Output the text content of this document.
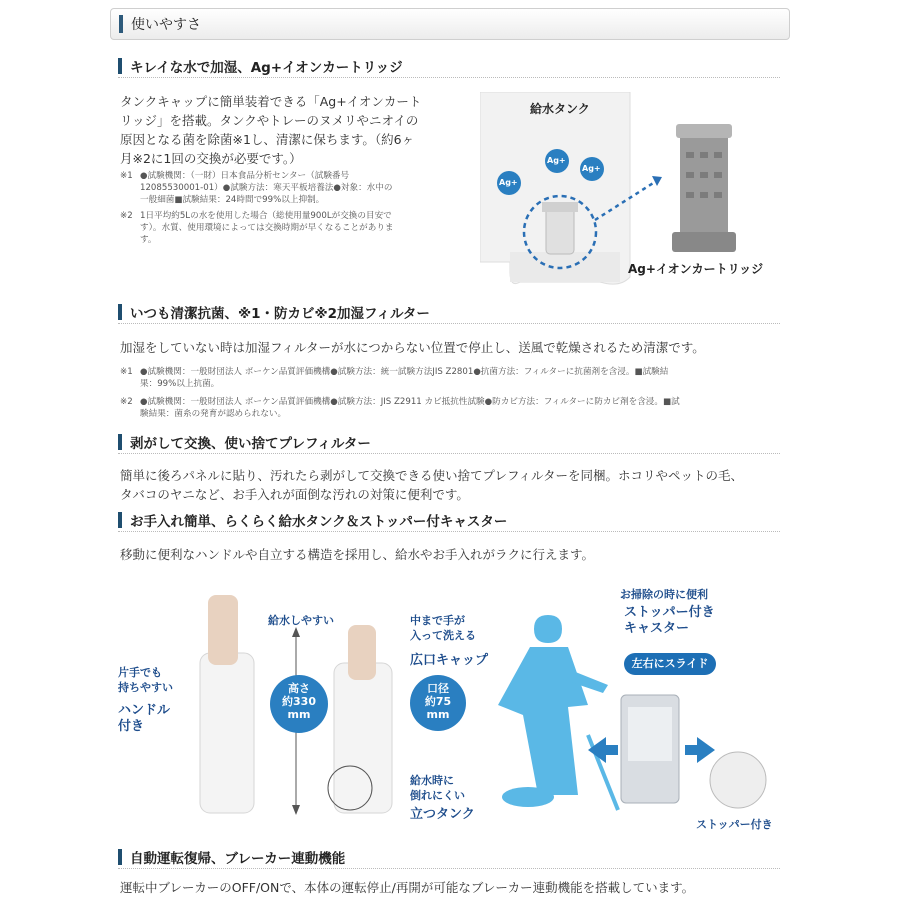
使いやすさ
キレイな水で加湿、Ag+イオンカートリッジ
タンクキャップに簡単装着できる「Ag+イオンカート
リッジ」を搭載。タンクやトレーのヌメリやニオイの
原因となる菌を除菌※1し、清潔に保ちます。（約6ヶ
月※2に1回の交換が必要です。）
※1 ●試験機関：（一財）日本食品分析センター（試験番号
12085530001-01）●試験方法：寒天平板培養法●対象：水中の
一般細菌■試験結果：24時間で99%以上抑制。
※2 1日平均約5Lの水を使用した場合（総使用量900Lが交換の目安で
す）。水質、使用環境によっては交換時期が早くなることがありま
す。
給水タンク
Ag+イオンカートリッジ
Ag+
Ag+
Ag+
いつも清潔抗菌、※1・防カビ※2加湿フィルター
加湿をしていない時は加湿フィルターが水につからない位置で停止し、送風で乾燥されるため清潔です。
※1 ●試験機関：一般財団法人 ボーケン品質評価機構●試験方法：統一試験方法JIS Z2801●抗菌方法：フィルターに抗菌剤を含浸。■試験結
果：99%以上抗菌。
※2 ●試験機関：一般財団法人 ボーケン品質評価機構●試験方法：JIS Z2911 カビ抵抗性試験●防カビ方法：フィルターに防カビ剤を含浸。■試
験結果：菌糸の発育が認められない。
剥がして交換、使い捨てプレフィルター
簡単に後ろパネルに貼り、汚れたら剥がして交換できる使い捨てプレフィルターを同梱。ホコリやペットの毛、
タバコのヤニなど、お手入れが面倒な汚れの対策に便利です。
お手入れ簡単、らくらく給水タンク＆ストッパー付キャスター
移動に便利なハンドルや自立する構造を採用し、給水やお手入れがラクに行えます。
片手でも
持ちやすい
ハンドル
付き
給水しやすい
高さ
約330
mm
中まで手が
入って洗える
広口キャップ
口径
約75
mm
給水時に
倒れにくい
立つタンク
お掃除の時に便利
ストッパー付き
キャスター
左右にスライド
ストッパー付き
自動運転復帰、ブレーカー連動機能
運転中ブレーカーのOFF/ONで、本体の運転停止/再開が可能なブレーカー連動機能を搭載しています。
